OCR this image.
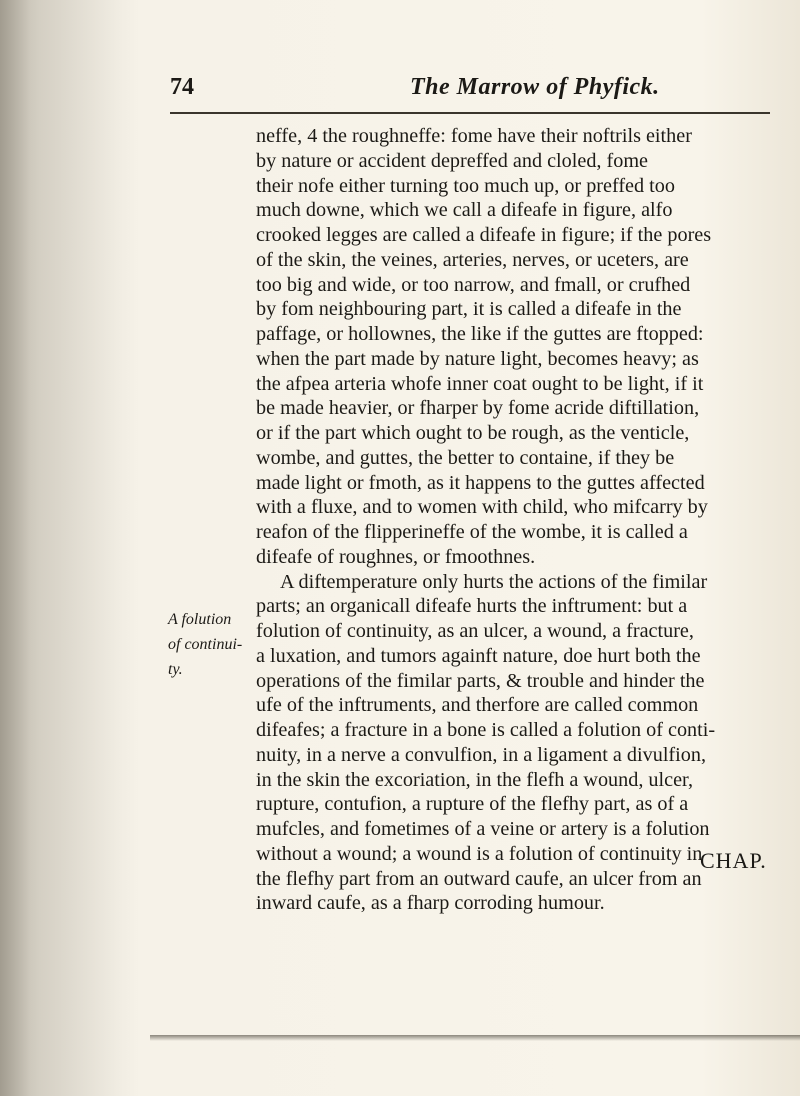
74	The Marrow of Phyfick.
A folution
of continui-
ty.
neffe, 4 the roughneffe: fome have their noftrils either
by nature or accident depreffed and cloled, fome
their nofe either turning too much up, or preffed too
much downe, which we call a difeafe in figure, alfo
crooked legges are called a difeafe in figure; if the pores
of the skin, the veines, arteries, nerves, or uceters, are
too big and wide, or too narrow, and fmall, or crufhed
by fom neighbouring part, it is called a difeafe in the
paffage, or hollownes, the like if the guttes are ftopped:
when the part made by nature light, becomes heavy; as
the afpea arteria whofe inner coat ought to be light, if it
be made heavier, or fharper by fome acride diftillation,
or if the part which ought to be rough, as the venticle,
wombe, and guttes, the better to containe, if they be
made light or fmoth, as it happens to the guttes affected
with a fluxe, and to women with child, who mifcarry by
reafon of the flipperineffe of the wombe, it is called a
difeafe of roughnes, or fmoothnes.
A diftemperature only hurts the actions of the fimilar
parts; an organicall difeafe hurts the inftrument: but a
folution of continuity, as an ulcer, a wound, a fracture,
a luxation, and tumors againft nature, doe hurt both the
operations of the fimilar parts, & trouble and hinder the
ufe of the inftruments, and therfore are called common
difeafes; a fracture in a bone is called a folution of conti-
nuity, in a nerve a convulfion, in a ligament a divulfion,
in the skin the excoriation, in the flefh a wound, ulcer,
rupture, contufion, a rupture of the flefhy part, as of a
mufcles, and fometimes of a veine or artery is a folution
without a wound; a wound is a folution of continuity in
the flefhy part from an outward caufe, an ulcer from an
inward caufe, as a fharp corroding humour.
CHAP.
